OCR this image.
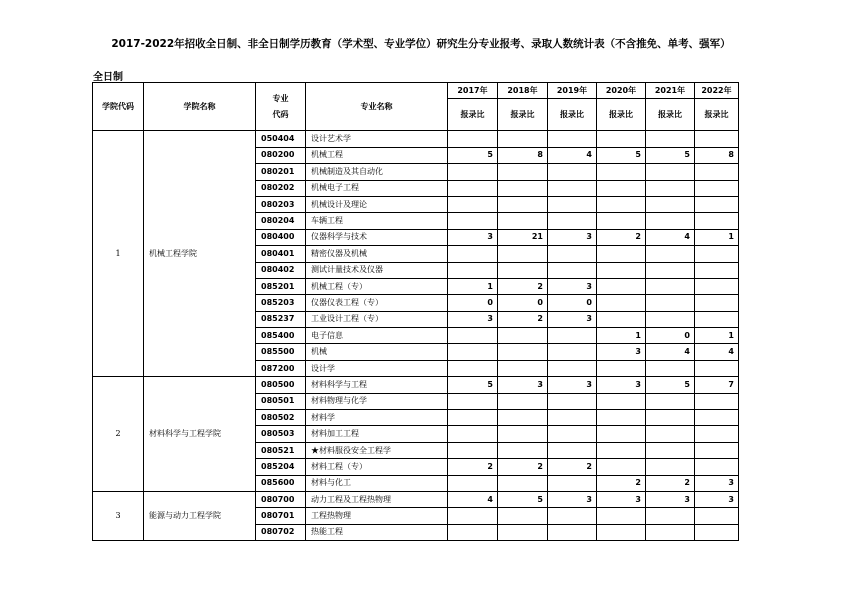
2017-2022年招收全日制、非全日制学历教育（学术型、专业学位）研究生分专业报考、录取人数统计表（不含推免、单考、强军）
全日制
学院代码	学院名称	专业
代码	专业名称	2017年	2018年	2019年	2020年	2021年	2022年
				报录比	报录比	报录比	报录比	报录比	报录比
1	机械工程学院	050404	设计艺术学						
		080200	机械工程	5	8	4	5	5	8
		080201	机械制造及其自动化						
		080202	机械电子工程						
		080203	机械设计及理论						
		080204	车辆工程						
		080400	仪器科学与技术	3	21	3	2	4	1
		080401	精密仪器及机械						
		080402	测试计量技术及仪器						
		085201	机械工程（专）	1	2	3			
		085203	仪器仪表工程（专）	0	0	0			
		085237	工业设计工程（专）	3	2	3			
		085400	电子信息				1	0	1
		085500	机械				3	4	4
		087200	设计学						
2	材料科学与工程学院	080500	材料科学与工程	5	3	3	3	5	7
		080501	材料物理与化学						
		080502	材料学						
		080503	材料加工工程						
		080521	★材料服役安全工程学						
		085204	材料工程（专）	2	2	2			
		085600	材料与化工				2	2	3
3	能源与动力工程学院	080700	动力工程及工程热物理	4	5	3	3	3	3
		080701	工程热物理						
		080702	热能工程						
